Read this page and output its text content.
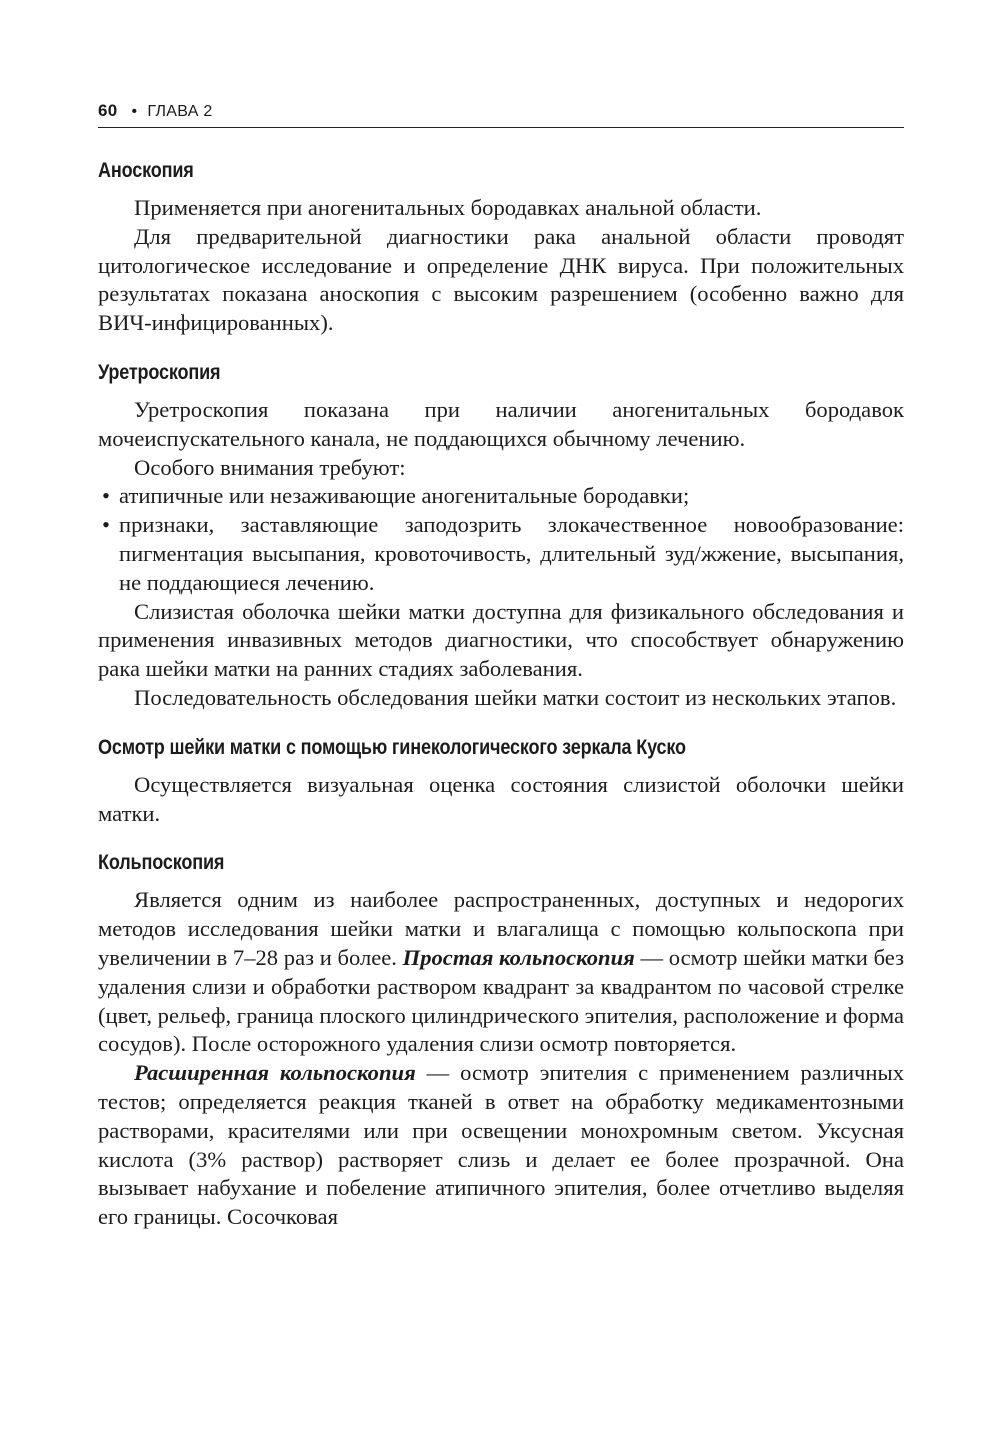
60 • ГЛАВА 2
Аноскопия

Применяется при аногенитальных бородавках анальной области.

Для предварительной диагностики рака анальной области проводят цитологическое исследование и определение ДНК вируса. При положительных результатах показана аноскопия с высоким разрешением (особенно важно для ВИЧ-инфицированных).

Уретроскопия

Уретроскопия показана при наличии аногенитальных бородавок мочеиспускательного канала, не поддающихся обычному лечению.

Особого внимания требуют:

• атипичные или незаживающие аногенитальные бородавки;
• признаки, заставляющие заподозрить злокачественное новообразование: пигментация высыпания, кровоточивость, длительный зуд/жжение, высыпания, не поддающиеся лечению.

Слизистая оболочка шейки матки доступна для физикального обследования и применения инвазивных методов диагностики, что способствует обнаружению рака шейки матки на ранних стадиях заболевания.

Последовательность обследования шейки матки состоит из нескольких этапов.

Осмотр шейки матки с помощью гинекологического зеркала Куско

Осуществляется визуальная оценка состояния слизистой оболочки шейки матки.

Кольпоскопия

Является одним из наиболее распространенных, доступных и недорогих методов исследования шейки матки и влагалища с помощью кольпоскопа при увеличении в 7–28 раз и более. Простая кольпоскопия — осмотр шейки матки без удаления слизи и обработки раствором квадрант за квадрантом по часовой стрелке (цвет, рельеф, граница плоского цилиндрического эпителия, расположение и форма сосудов). После осторожного удаления слизи осмотр повторяется.

Расширенная кольпоскопия — осмотр эпителия с применением различных тестов; определяется реакция тканей в ответ на обработку медикаментозными растворами, красителями или при освещении монохромным светом. Уксусная кислота (3% раствор) растворяет слизь и делает ее более прозрачной. Она вызывает набухание и побеление атипичного эпителия, более отчетливо выделяя его границы. Сосочковая
